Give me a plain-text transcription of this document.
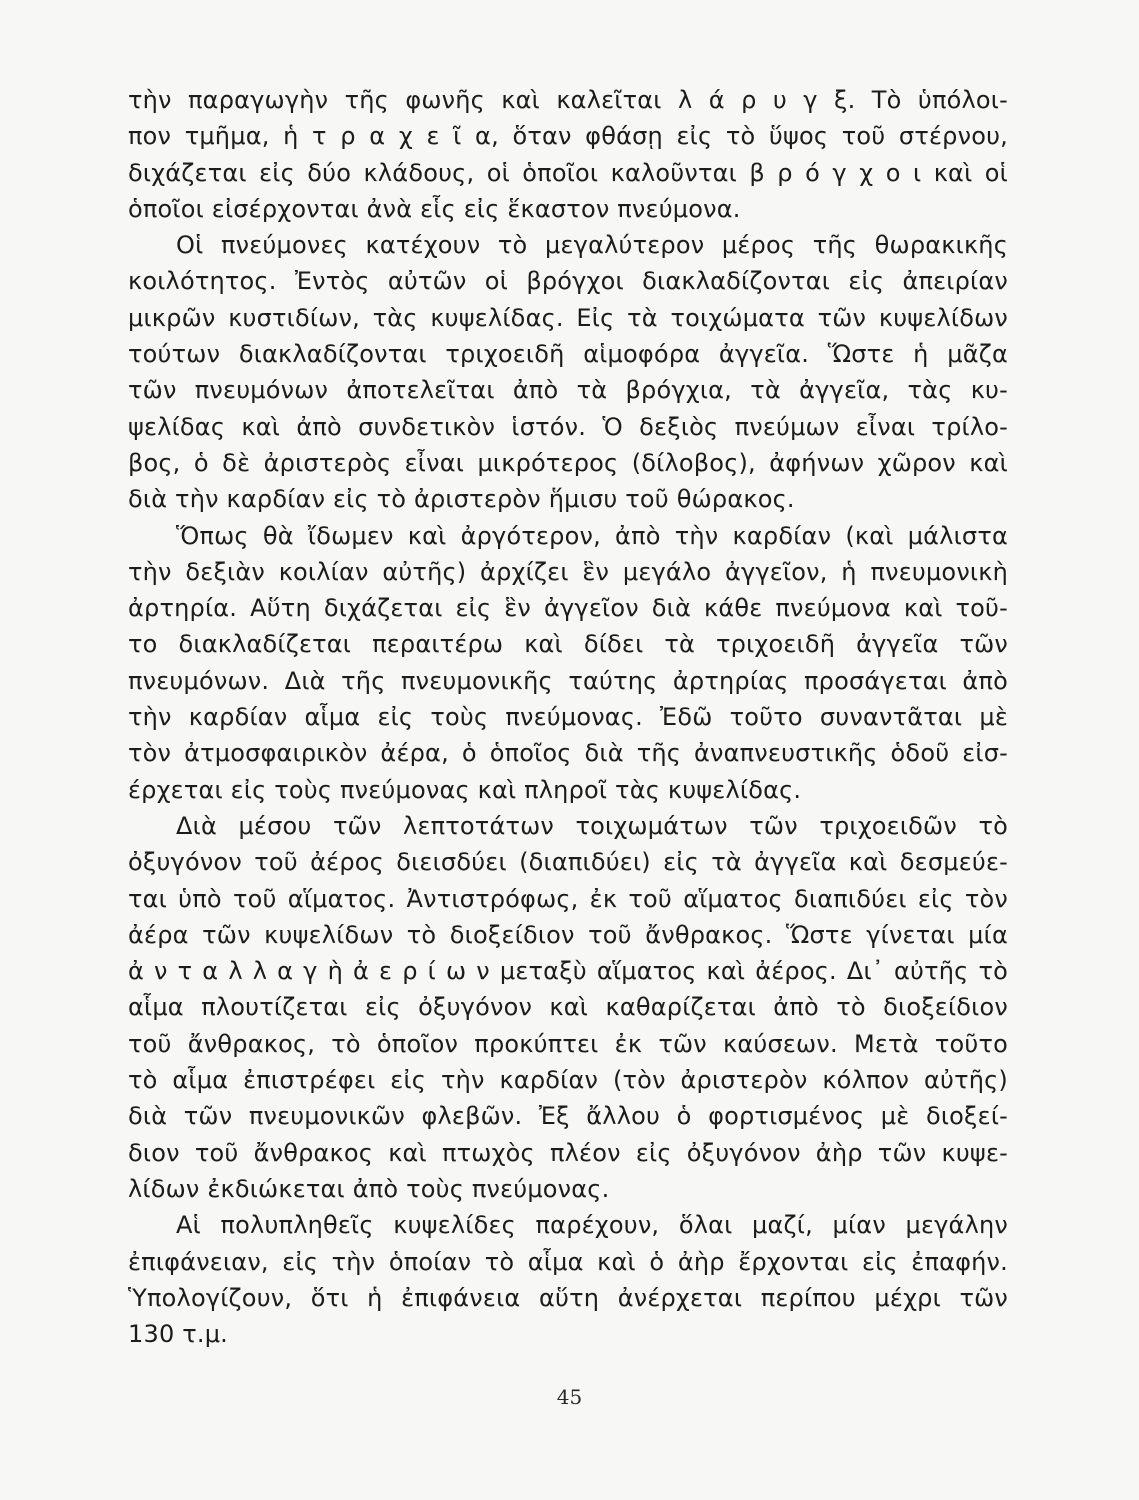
τὴν παραγωγὴν τῆς φωνῆς καὶ καλεῖται λ ά ρ υ γ ξ. Τὸ ὑπόλοι-
πον τμῆμα, ἡ τ ρ α χ ε ῖ α, ὅταν φθάσῃ εἰς τὸ ὕψος τοῦ στέρνου,
διχάζεται εἰς δύο κλάδους, οἱ ὁποῖοι καλοῦνται β ρ ό γ χ ο ι καὶ οἱ
ὁποῖοι εἰσέρχονται ἀνὰ εἷς εἰς ἕκαστον πνεύμονα.

Οἱ πνεύμονες κατέχουν τὸ μεγαλύτερον μέρος τῆς θωρακικῆς
κοιλότητος. Ἐντὸς αὐτῶν οἱ βρόγχοι διακλαδίζονται εἰς ἀπειρίαν
μικρῶν κυστιδίων, τὰς κυψελίδας. Εἰς τὰ τοιχώματα τῶν κυψελίδων
τούτων διακλαδίζονται τριχοειδῆ αἱμοφόρα ἀγγεῖα. Ὥστε ἡ μᾶζα
τῶν πνευμόνων ἀποτελεῖται ἀπὸ τὰ βρόγχια, τὰ ἀγγεῖα, τὰς κυ-
ψελίδας καὶ ἀπὸ συνδετικὸν ἱστόν. Ὁ δεξιὸς πνεύμων εἶναι τρίλο-
βος, ὁ δὲ ἀριστερὸς εἶναι μικρότερος (δίλοβος), ἀφήνων χῶρον καὶ
διὰ τὴν καρδίαν εἰς τὸ ἀριστερὸν ἥμισυ τοῦ θώρακος.

Ὅπως θὰ ἴδωμεν καὶ ἀργότερον, ἀπὸ τὴν καρδίαν (καὶ μάλιστα
τὴν δεξιὰν κοιλίαν αὐτῆς) ἀρχίζει ἓν μεγάλο ἀγγεῖον, ἡ πνευμονικὴ
ἀρτηρία. Αὕτη διχάζεται εἰς ἓν ἀγγεῖον διὰ κάθε πνεύμονα καὶ τοῦ-
το διακλαδίζεται περαιτέρω καὶ δίδει τὰ τριχοειδῆ ἀγγεῖα τῶν
πνευμόνων. Διὰ τῆς πνευμονικῆς ταύτης ἀρτηρίας προσάγεται ἀπὸ
τὴν καρδίαν αἷμα εἰς τοὺς πνεύμονας. Ἐδῶ τοῦτο συναντᾶται μὲ
τὸν ἀτμοσφαιρικὸν ἀέρα, ὁ ὁποῖος διὰ τῆς ἀναπνευστικῆς ὁδοῦ εἰσ-
έρχεται εἰς τοὺς πνεύμονας καὶ πληροῖ τὰς κυψελίδας.

Διὰ μέσου τῶν λεπτοτάτων τοιχωμάτων τῶν τριχοειδῶν τὸ
ὀξυγόνον τοῦ ἀέρος διεισδύει (διαπιδύει) εἰς τὰ ἀγγεῖα καὶ δεσμεύε-
ται ὑπὸ τοῦ αἵματος. Ἀντιστρόφως, ἐκ τοῦ αἵματος διαπιδύει εἰς τὸν
ἀέρα τῶν κυψελίδων τὸ διοξείδιον τοῦ ἄνθρακος. Ὥστε γίνεται μία
ἀ ν τ α λ λ α γ ὴ ἀ ε ρ ί ω ν μεταξὺ αἵματος καὶ ἀέρος. Δι᾽ αὐτῆς τὸ
αἷμα πλουτίζεται εἰς ὀξυγόνον καὶ καθαρίζεται ἀπὸ τὸ διοξείδιον
τοῦ ἄνθρακος, τὸ ὁποῖον προκύπτει ἐκ τῶν καύσεων. Μετὰ τοῦτο
τὸ αἷμα ἐπιστρέφει εἰς τὴν καρδίαν (τὸν ἀριστερὸν κόλπον αὐτῆς)
διὰ τῶν πνευμονικῶν φλεβῶν. Ἐξ ἄλλου ὁ φορτισμένος μὲ διοξεί-
διον τοῦ ἄνθρακος καὶ πτωχὸς πλέον εἰς ὀξυγόνον ἀὴρ τῶν κυψε-
λίδων ἐκδιώκεται ἀπὸ τοὺς πνεύμονας.

Αἱ πολυπληθεῖς κυψελίδες παρέχουν, ὅλαι μαζί, μίαν μεγάλην
ἐπιφάνειαν, εἰς τὴν ὁποίαν τὸ αἷμα καὶ ὁ ἀὴρ ἔρχονται εἰς ἐπαφήν.
Ὑπολογίζουν, ὅτι ἡ ἐπιφάνεια αὕτη ἀνέρχεται περίπου μέχρι τῶν
130 τ.μ.

45
